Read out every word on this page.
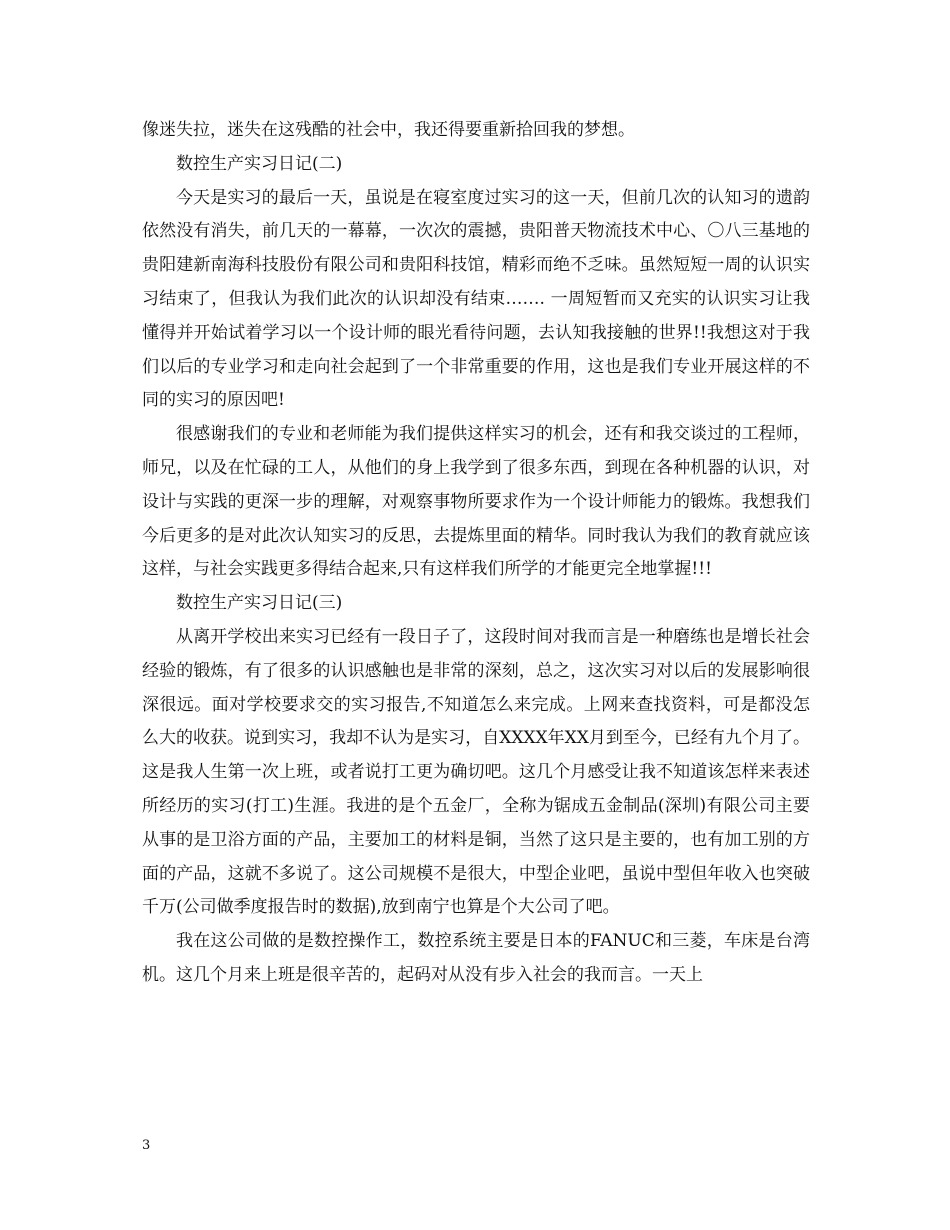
像迷失拉，迷失在这残酷的社会中，我还得要重新拾回我的梦想。

数控生产实习日记(二)

今天是实习的最后一天，虽说是在寝室度过实习的这一天，但前几次的认知习的遗韵依然没有消失，前几天的一幕幕，一次次的震撼，贵阳普天物流技术中心、〇八三基地的贵阳建新南海科技股份有限公司和贵阳科技馆，精彩而绝不乏味。虽然短短一周的认识实习结束了，但我认为我们此次的认识却没有结束……. 一周短暂而又充实的认识实习让我懂得并开始试着学习以一个设计师的眼光看待问题，去认知我接触的世界!!我想这对于我们以后的专业学习和走向社会起到了一个非常重要的作用，这也是我们专业开展这样的不同的实习的原因吧!

很感谢我们的专业和老师能为我们提供这样实习的机会，还有和我交谈过的工程师，师兄，以及在忙碌的工人，从他们的身上我学到了很多东西，到现在各种机器的认识，对设计与实践的更深一步的理解，对观察事物所要求作为一个设计师能力的锻炼。我想我们今后更多的是对此次认知实习的反思，去提炼里面的精华。同时我认为我们的教育就应该这样，与社会实践更多得结合起来,只有这样我们所学的才能更完全地掌握!!!

数控生产实习日记(三)

从离开学校出来实习已经有一段日子了，这段时间对我而言是一种磨练也是增长社会经验的锻炼，有了很多的认识感触也是非常的深刻，总之，这次实习对以后的发展影响很深很远。面对学校要求交的实习报告,不知道怎么来完成。上网来查找资料，可是都没怎么大的收获。说到实习，我却不认为是实习，自XXXX年XX月到至今，已经有九个月了。这是我人生第一次上班，或者说打工更为确切吧。这几个月感受让我不知道该怎样来表述所经历的实习(打工)生涯。我进的是个五金厂，全称为锯成五金制品(深圳)有限公司主要从事的是卫浴方面的产品，主要加工的材料是铜，当然了这只是主要的，也有加工别的方面的产品，这就不多说了。这公司规模不是很大，中型企业吧，虽说中型但年收入也突破千万(公司做季度报告时的数据),放到南宁也算是个大公司了吧。

我在这公司做的是数控操作工，数控系统主要是日本的FANUC和三菱，车床是台湾机。这几个月来上班是很辛苦的，起码对从没有步入社会的我而言。一天上

3
